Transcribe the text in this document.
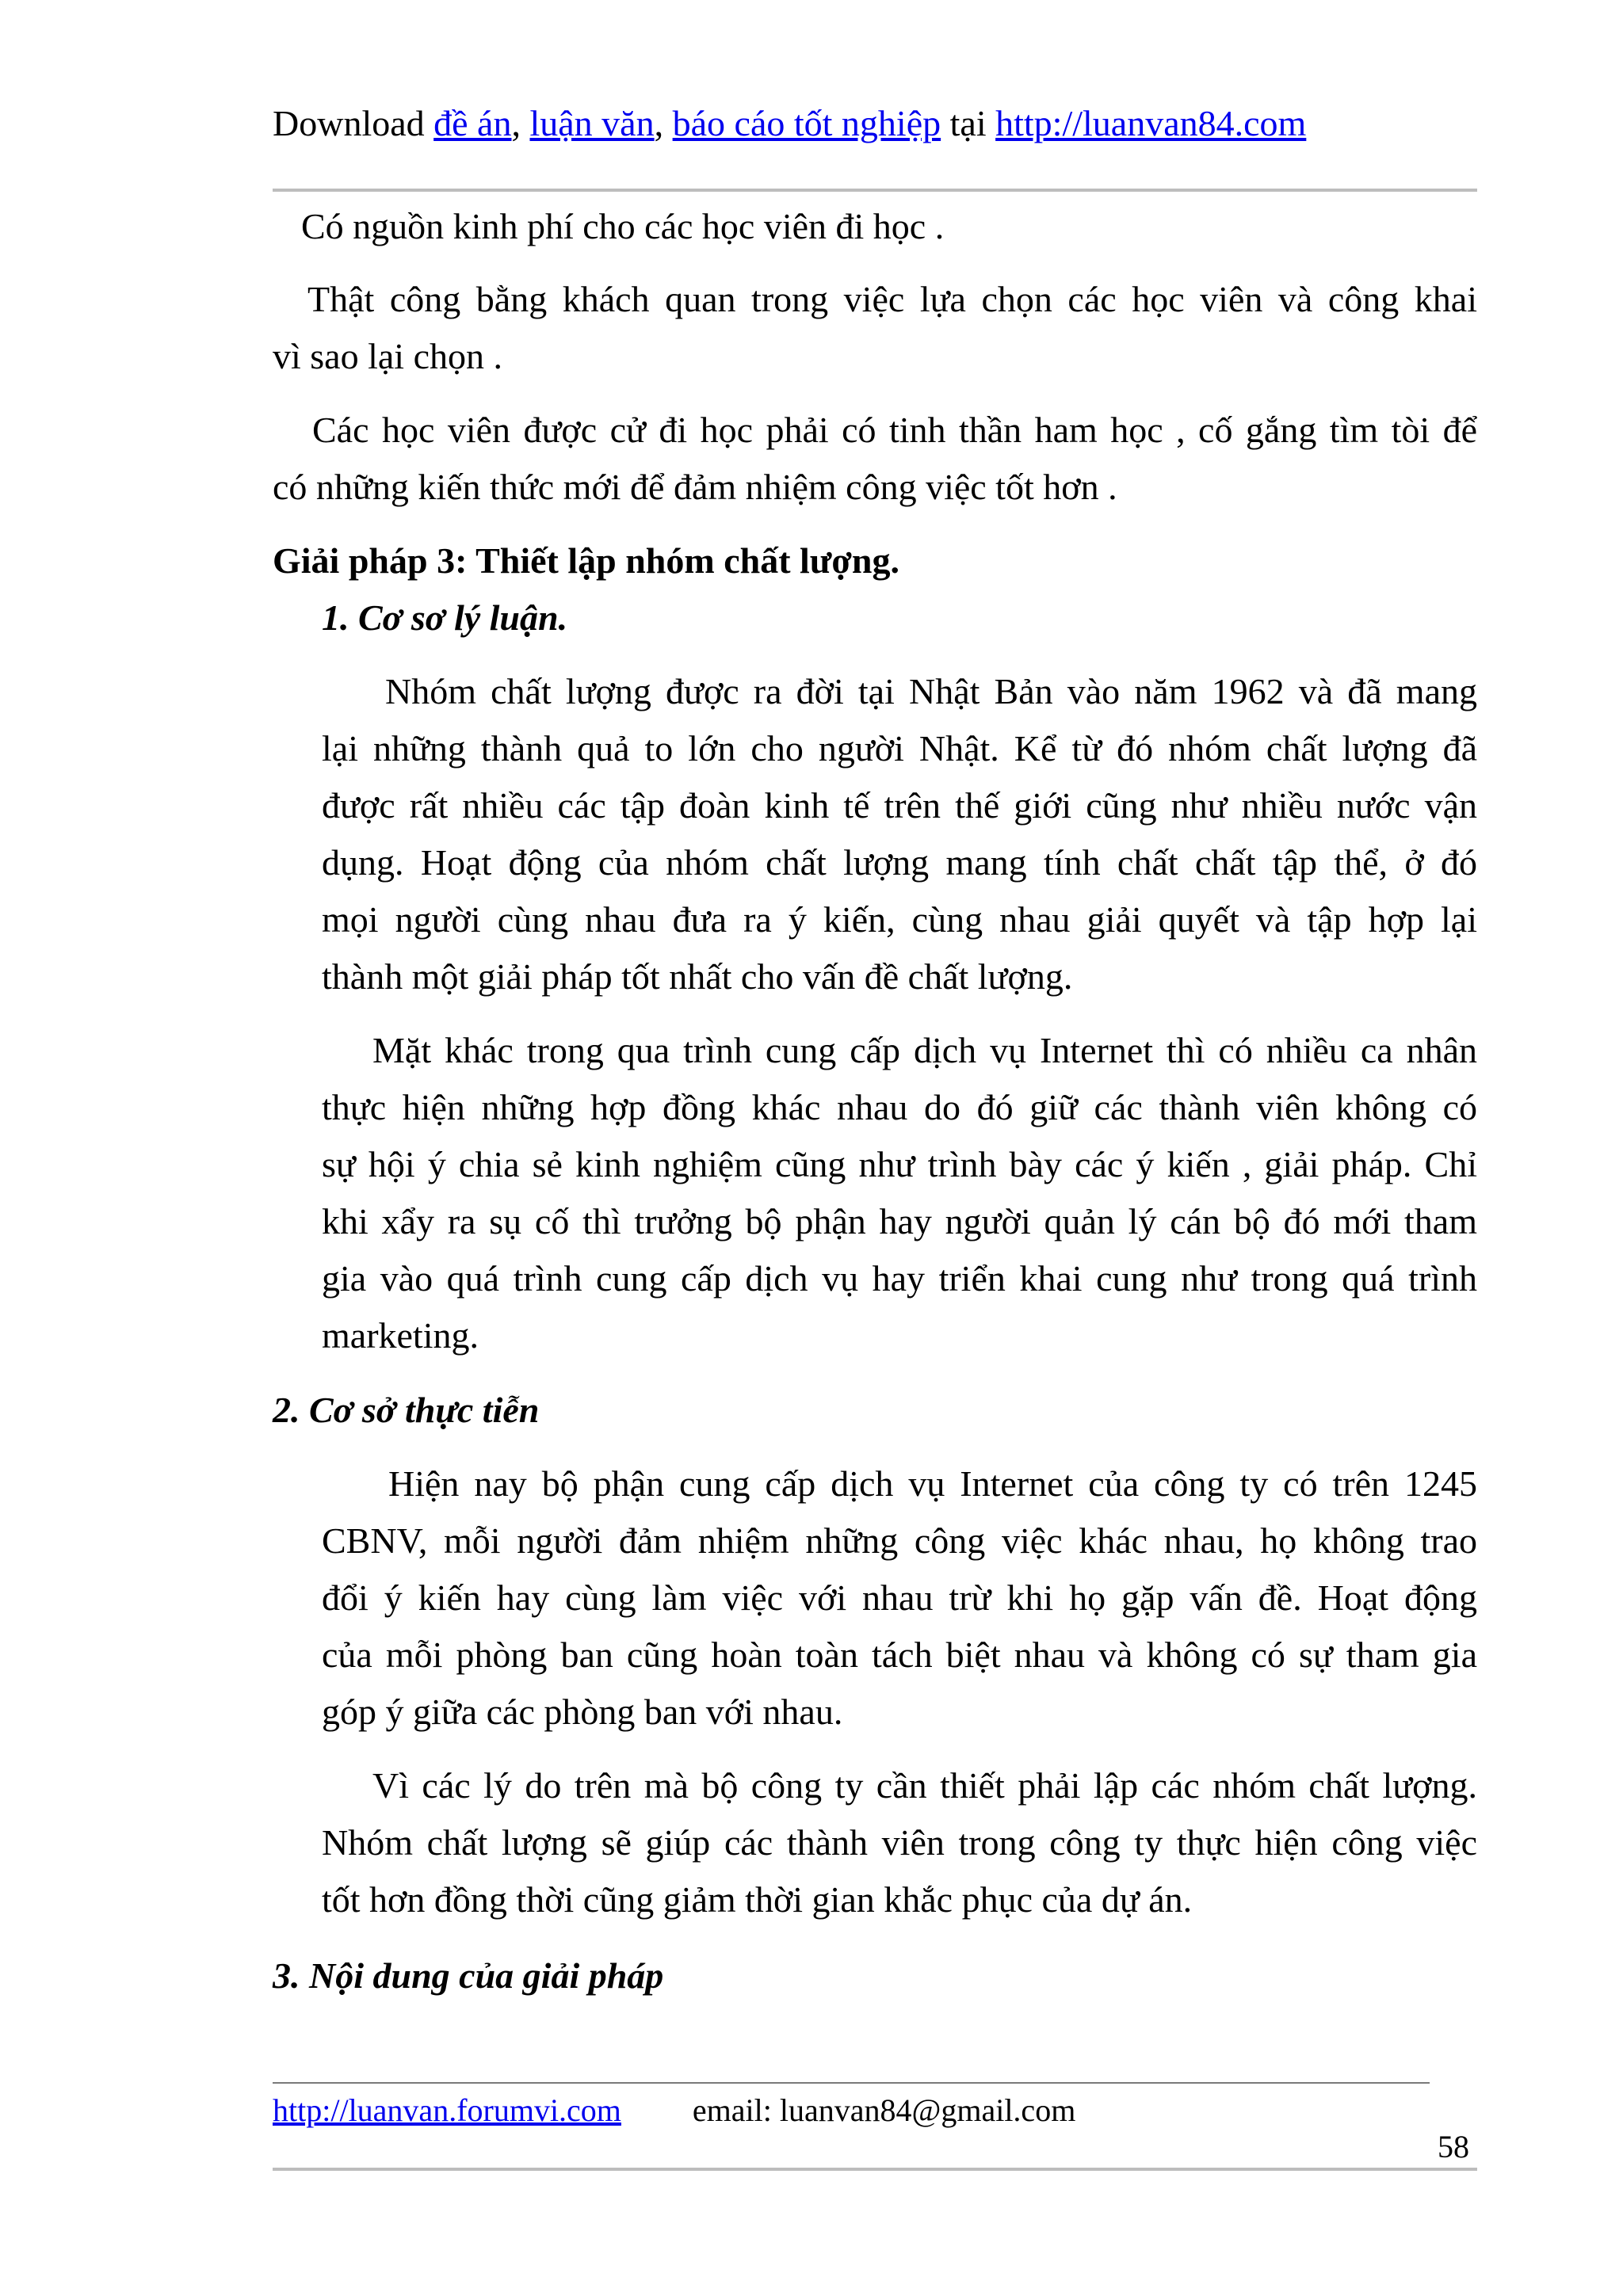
Download đề án, luận văn, báo cáo tốt nghiệp tại http://luanvan84.com
Có nguồn kinh phí cho các học viên đi học .
Thật công bằng khách quan trong việc lựa chọn các học viên và công khai
vì sao lại chọn .
Các học viên được cử đi học phải có tinh thần ham học , cố gắng tìm tòi để
có những kiến thức mới để đảm nhiệm công việc tốt hơn .
Giải pháp 3: Thiết lập nhóm chất lượng.
1. Cơ sơ lý luận.
Nhóm chất lượng được ra đời tại Nhật Bản vào năm 1962 và đã mang
lại những thành quả to lớn cho người Nhật. Kể từ đó nhóm chất lượng đã
được rất nhiều các tập đoàn kinh tế trên thế giới cũng như nhiều nước vận
dụng. Hoạt động của nhóm chất lượng mang tính chất chất tập thể, ở đó
mọi người cùng nhau đưa ra ý kiến, cùng nhau giải quyết và tập hợp lại
thành một giải pháp tốt nhất cho vấn đề chất lượng.
Mặt khác trong qua trình cung cấp dịch vụ Internet thì có nhiều ca nhân
thực hiện những hợp đồng khác nhau do đó giữ các thành viên không có
sự hội ý chia sẻ kinh nghiệm cũng như trình bày các ý kiến , giải pháp. Chỉ
khi xẩy ra sụ cố thì trưởng bộ phận hay người quản lý cán bộ đó mới tham
gia vào quá trình cung cấp dịch vụ hay triển khai cung như trong quá trình
marketing.
2. Cơ sở thực tiễn
Hiện nay bộ phận cung cấp dịch vụ Internet của công ty có trên 1245
CBNV, mỗi người đảm nhiệm những công việc khác nhau, họ không trao
đổi ý kiến hay cùng làm việc với nhau trừ khi họ gặp vấn đề. Hoạt động
của mỗi phòng ban cũng hoàn toàn tách biệt nhau và không có sự tham gia
góp ý giữa các phòng ban với nhau.
Vì các lý do trên mà bộ công ty cần thiết phải lập các nhóm chất lượng.
Nhóm chất lượng sẽ giúp các thành viên trong công ty thực hiện công việc
tốt hơn đồng thời cũng giảm thời gian khắc phục của dự án.
3. Nội dung của giải pháp
http://luanvan.forumvi.com email: luanvan84@gmail.com
58
